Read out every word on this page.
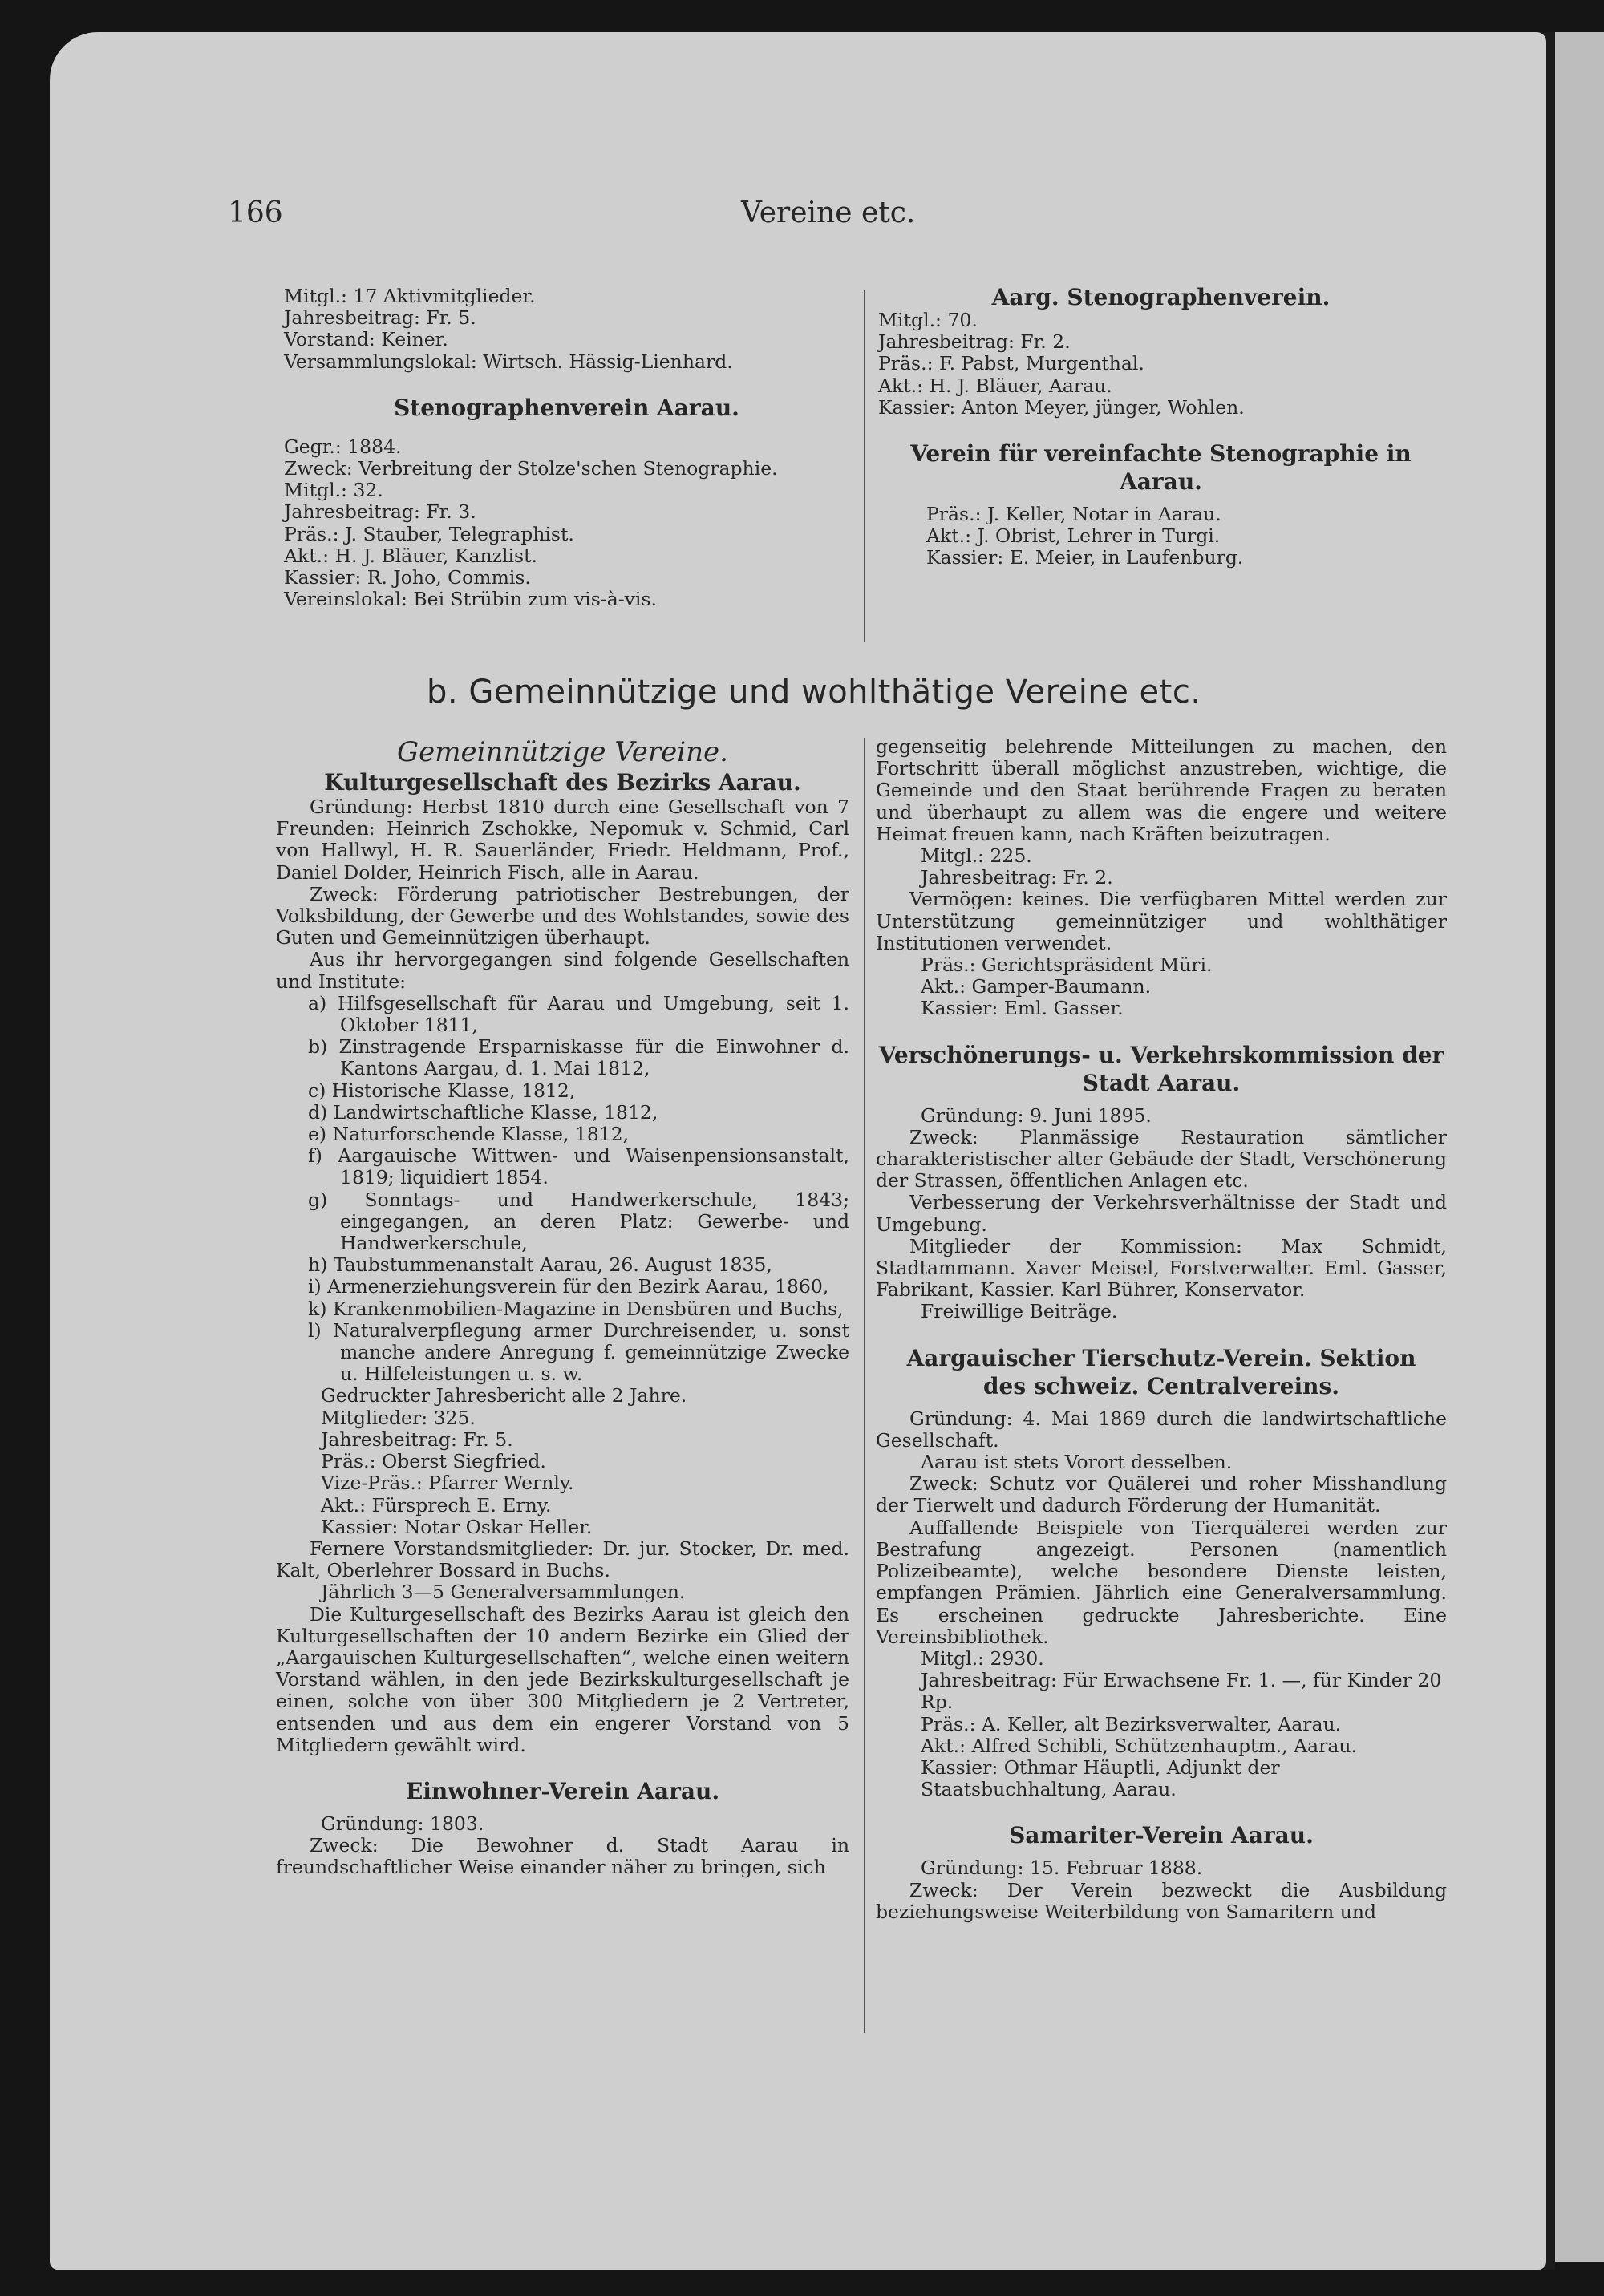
166	Vereine etc.
Mitgl.: 17 Aktivmitglieder.
Jahresbeitrag: Fr. 5.
Vorstand: Keiner.
Versammlungslokal: Wirtsch. Hässig-Lienhard.
Stenographenverein Aarau.
Gegr.: 1884.
Zweck: Verbreitung der Stolze'schen Stenographie.
Mitgl.: 32.
Jahresbeitrag: Fr. 3.
Präs.: J. Stauber, Telegraphist.
Akt.: H. J. Bläuer, Kanzlist.
Kassier: R. Joho, Commis.
Vereinslokal: Bei Strübin zum vis-à-vis.
Aarg. Stenographenverein.
Mitgl.: 70.
Jahresbeitrag: Fr. 2.
Präs.: F. Pabst, Murgenthal.
Akt.: H. J. Bläuer, Aarau.
Kassier: Anton Meyer, jünger, Wohlen.
Verein für vereinfachte Stenographie in Aarau.
Präs.: J. Keller, Notar in Aarau.
Akt.: J. Obrist, Lehrer in Turgi.
Kassier: E. Meier, in Laufenburg.
b. Gemeinnützige und wohlthätige Vereine etc.
Gemeinnützige Vereine.
Kulturgesellschaft des Bezirks Aarau.
Gründung: Herbst 1810 durch eine Gesellschaft von 7 Freunden: Heinrich Zschokke, Nepomuk v. Schmid, Carl von Hallwyl, H. R. Sauerländer, Friedr. Heldmann, Prof., Daniel Dolder, Heinrich Fisch, alle in Aarau.
Zweck: Förderung patriotischer Bestrebungen, der Volksbildung, der Gewerbe und des Wohlstandes, sowie des Guten und Gemeinnützigen überhaupt.
Aus ihr hervorgegangen sind folgende Gesellschaften und Institute:
a) Hilfsgesellschaft für Aarau und Umgebung, seit 1. Oktober 1811,
b) Zinstragende Ersparniskasse für die Einwohner d. Kantons Aargau, d. 1. Mai 1812,
c) Historische Klasse, 1812,
d) Landwirtschaftliche Klasse, 1812,
e) Naturforschende Klasse, 1812,
f) Aargauische Wittwen- und Waisenpensionsanstalt, 1819; liquidiert 1854.
g) Sonntags- und Handwerkerschule, 1843; eingegangen, an deren Platz: Gewerbe- und Handwerkerschule,
h) Taubstummenanstalt Aarau, 26. August 1835,
i) Armenerziehungsverein für den Bezirk Aarau, 1860,
k) Krankenmobilien-Magazine in Densbüren und Buchs,
l) Naturalverpflegung armer Durchreisender, u. sonst manche andere Anregung f. gemeinnützige Zwecke u. Hilfeleistungen u. s. w.
Gedruckter Jahresbericht alle 2 Jahre.
Mitglieder: 325.
Jahresbeitrag: Fr. 5.
Präs.: Oberst Siegfried.
Vize-Präs.: Pfarrer Wernly.
Akt.: Fürsprech E. Erny.
Kassier: Notar Oskar Heller.
Fernere Vorstandsmitglieder: Dr. jur. Stocker, Dr. med. Kalt, Oberlehrer Bossard in Buchs.
Jährlich 3—5 Generalversammlungen.
Die Kulturgesellschaft des Bezirks Aarau ist gleich den Kulturgesellschaften der 10 andern Bezirke ein Glied der „Aargauischen Kulturgesellschaften“, welche einen weitern Vorstand wählen, in den jede Bezirkskulturgesellschaft je einen, solche von über 300 Mitgliedern je 2 Vertreter, entsenden und aus dem ein engerer Vorstand von 5 Mitgliedern gewählt wird.
Einwohner-Verein Aarau.
Gründung: 1803.
Zweck: Die Bewohner d. Stadt Aarau in freundschaftlicher Weise einander näher zu bringen, sich
gegenseitig belehrende Mitteilungen zu machen, den Fortschritt überall möglichst anzustreben, wichtige, die Gemeinde und den Staat berührende Fragen zu beraten und überhaupt zu allem was die engere und weitere Heimat freuen kann, nach Kräften beizutragen.
Mitgl.: 225.
Jahresbeitrag: Fr. 2.
Vermögen: keines. Die verfügbaren Mittel werden zur Unterstützung gemeinnütziger und wohlthätiger Institutionen verwendet.
Präs.: Gerichtspräsident Müri.
Akt.: Gamper-Baumann.
Kassier: Eml. Gasser.
Verschönerungs- u. Verkehrskommission der Stadt Aarau.
Gründung: 9. Juni 1895.
Zweck: Planmässige Restauration sämtlicher charakteristischer alter Gebäude der Stadt, Verschönerung der Strassen, öffentlichen Anlagen etc.
Verbesserung der Verkehrsverhältnisse der Stadt und Umgebung.
Mitglieder der Kommission: Max Schmidt, Stadtammann. Xaver Meisel, Forstverwalter. Eml. Gasser, Fabrikant, Kassier. Karl Bührer, Konservator.
Freiwillige Beiträge.
Aargauischer Tierschutz-Verein. Sektion des schweiz. Centralvereins.
Gründung: 4. Mai 1869 durch die landwirtschaftliche Gesellschaft.
Aarau ist stets Vorort desselben.
Zweck: Schutz vor Quälerei und roher Misshandlung der Tierwelt und dadurch Förderung der Humanität.
Auffallende Beispiele von Tierquälerei werden zur Bestrafung angezeigt. Personen (namentlich Polizeibeamte), welche besondere Dienste leisten, empfangen Prämien. Jährlich eine Generalversammlung. Es erscheinen gedruckte Jahresberichte. Eine Vereinsbibliothek.
Mitgl.: 2930.
Jahresbeitrag: Für Erwachsene Fr. 1. —, für Kinder 20 Rp.
Präs.: A. Keller, alt Bezirksverwalter, Aarau.
Akt.: Alfred Schibli, Schützenhauptm., Aarau.
Kassier: Othmar Häuptli, Adjunkt der Staatsbuchhaltung, Aarau.
Samariter-Verein Aarau.
Gründung: 15. Februar 1888.
Zweck: Der Verein bezweckt die Ausbildung beziehungsweise Weiterbildung von Samaritern und
